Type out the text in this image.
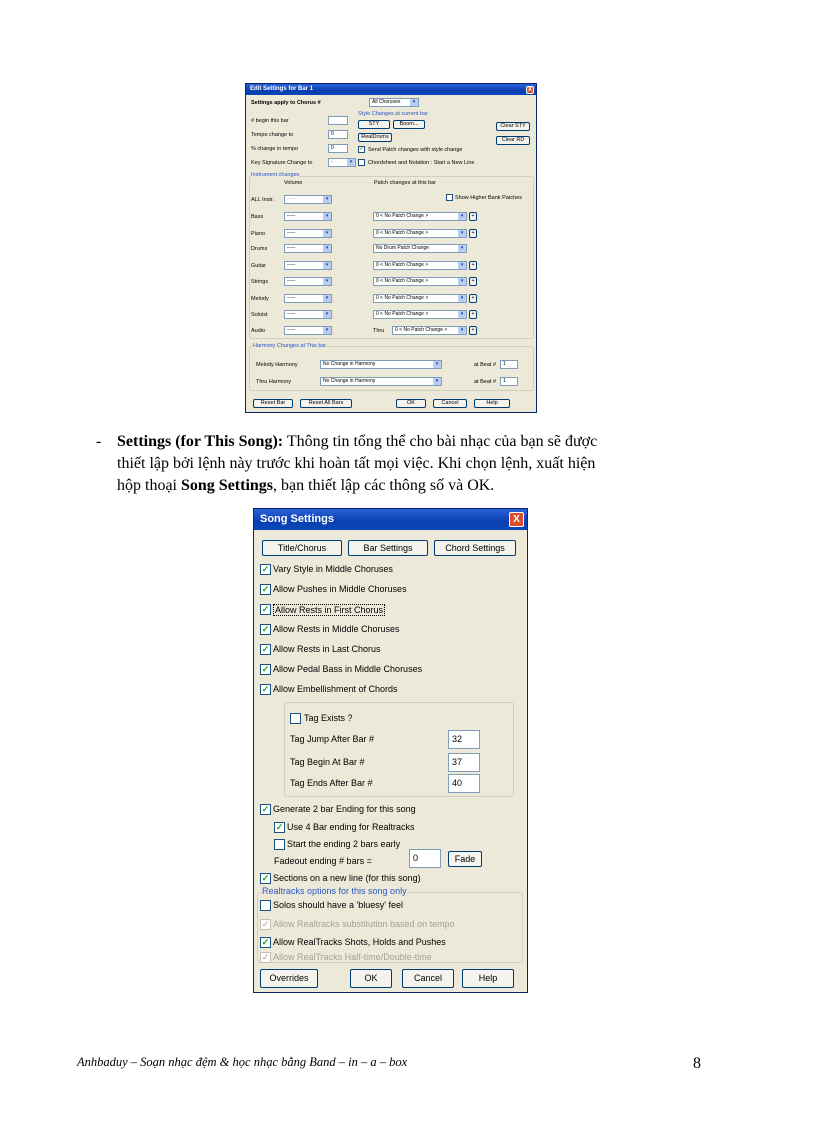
Edit Settings for Bar 1	X
Settings apply to Chorus #	All Choruses	▾
# begin this bar
Tempo change to	0
% change in tempo	0
Key Signature Change to	-	▾
Style Changes at current bar
STY	Boom...
RealDrums
Clear STY
Clear RD
✓ Send Patch changes with style change
Chordsheet and Notation : Start a New Line
Instrument changes
Volume	Patch changes at this bar
Show Higher Bank Patches
ALL Instr.	-----	▾
Bass	-----	▾	0 < No Patch Change >	▾	+
Piano	-----	▾	0 < No Patch Change >	▾	+
Drums	-----	▾	No Drum Patch Change	▾
Guitar	-----	▾	0 < No Patch Change >	▾	+
Strings	-----	▾	0 < No Patch Change >	▾	+
Melody	-----	▾	0 < No Patch Change >	▾	+
Soloist	-----	▾	0 < No Patch Change >	▾	+
Audio	-----	▾	Thru	0 < No Patch Change >	▾	+
Harmony Changes at This bar
Melody Harmony	No Change in Harmony	▾	at Beat #	1
Thru Harmony	No Change in Harmony	▾	at Beat #	1
Reset Bar	Reset All Bars	OK	Cancel	Help
- Settings (for This Song): Thông tin tổng thể cho bài nhạc của bạn sẽ được
thiết lập bởi lệnh này trước khi hoàn tất mọi việc. Khi chọn lệnh, xuất hiện
hộp thoại Song Settings, bạn thiết lập các thông số và OK.
Song Settings	X
Title/Chorus	Bar Settings	Chord Settings
✓ Vary Style in Middle Choruses
✓ Allow Pushes in Middle Choruses
✓ Allow Rests in First Chorus
✓ Allow Rests in Middle Choruses
✓ Allow Rests in Last Chorus
✓ Allow Pedal Bass in Middle Choruses
✓ Allow Embellishment of Chords
Tag Exists ?
Tag Jump After Bar #	32
Tag Begin At Bar #	37
Tag Ends After Bar #	40
✓ Generate 2 bar Ending for this song
✓ Use 4 Bar ending for Realtracks
Start the ending 2 bars early
Fadeout ending # bars =	0	Fade
✓ Sections on a new line (for this song)
Realtracks options for this song only
Solos should have a 'bluesy' feel
✓ Allow Realtracks substitution based on tempo
✓ Allow RealTracks Shots, Holds and Pushes
✓ Allow RealTracks Half-time/Double-time
Overrides	OK	Cancel	Help
Anhbaduy – Soạn nhạc đệm & học nhạc bằng Band – in – a – box	8
